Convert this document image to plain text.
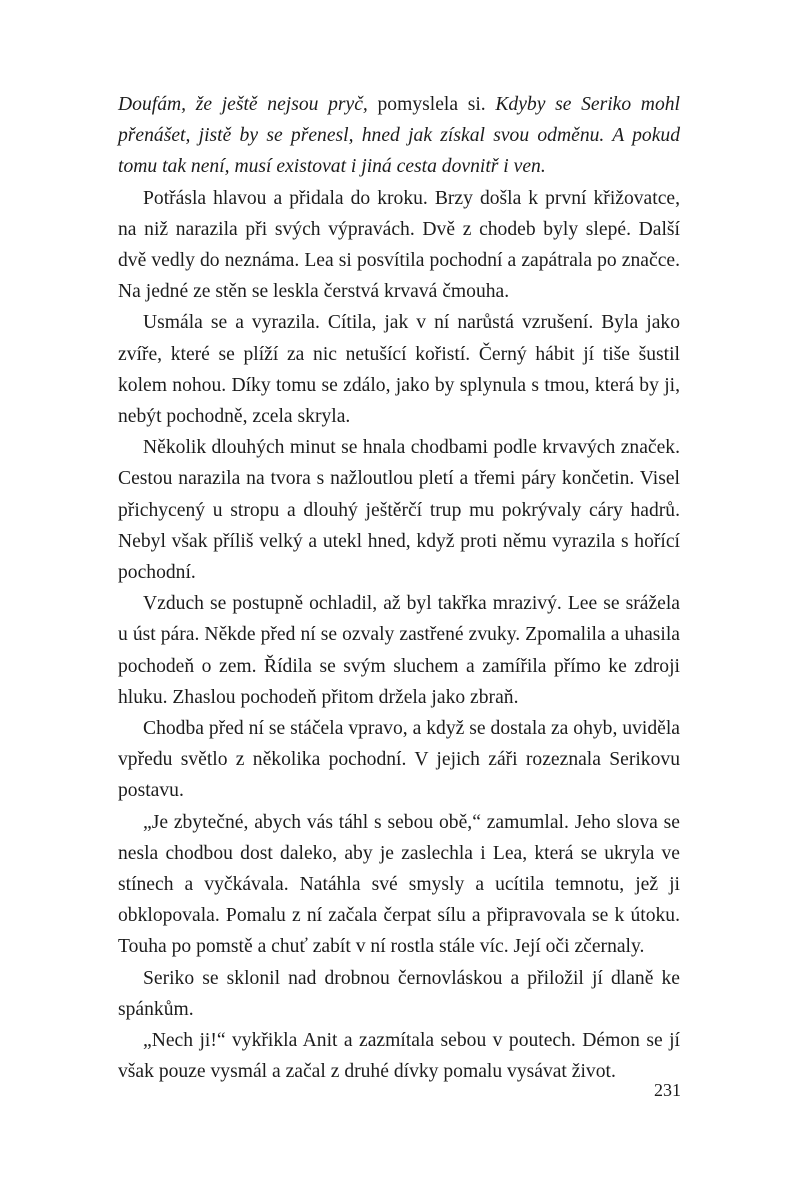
Doufám, že ještě nejsou pryč, pomyslela si. Kdyby se Seriko mohl přenášet, jistě by se přenesl, hned jak získal svou odměnu. A pokud tomu tak není, musí existovat i jiná cesta dovnitř i ven.

Potřásla hlavou a přidala do kroku. Brzy došla k první křižovatce, na niž narazila při svých výpravách. Dvě z chodeb byly slepé. Další dvě vedly do neznáma. Lea si posvítila pochodní a zapátrala po značce. Na jedné ze stěn se leskla čerstvá krvavá čmouha.

Usmála se a vyrazila. Cítila, jak v ní narůstá vzrušení. Byla jako zvíře, které se plíží za nic netušící kořistí. Černý hábit jí tiše šustil kolem nohou. Díky tomu se zdálo, jako by splynula s tmou, která by ji, nebýt pochodně, zcela skryla.

Několik dlouhých minut se hnala chodbami podle krvavých značek. Cestou narazila na tvora s nažloutlou pletí a třemi páry končetin. Visel přichycený u stropu a dlouhý ještěrčí trup mu pokrývaly cáry hadrů. Nebyl však příliš velký a utekl hned, když proti němu vyrazila s hořící pochodní.

Vzduch se postupně ochladil, až byl takřka mrazivý. Lee se srážela u úst pára. Někde před ní se ozvaly zastřené zvuky. Zpomalila a uhasila pochodeň o zem. Řídila se svým sluchem a zamířila přímo ke zdroji hluku. Zhaslou pochodeň přitom držela jako zbraň.

Chodba před ní se stáčela vpravo, a když se dostala za ohyb, uviděla vpředu světlo z několika pochodní. V jejich záři rozeznala Serikovu postavu.

„Je zbytečné, abych vás táhl s sebou obě,“ zamumlal. Jeho slova se nesla chodbou dost daleko, aby je zaslechla i Lea, která se ukryla ve stínech a vyčkávala. Natáhla své smysly a ucítila temnotu, jež ji obklopovala. Pomalu z ní začala čerpat sílu a připravovala se k útoku. Touha po pomstě a chuť zabít v ní rostla stále víc. Její oči zčernaly.

Seriko se sklonil nad drobnou černovláskou a přiložil jí dlaně ke spánkům.

„Nech ji!“ vykřikla Anit a zazmítala sebou v poutech. Démon se jí však pouze vysmál a začal z druhé dívky pomalu vysávat život.

231
